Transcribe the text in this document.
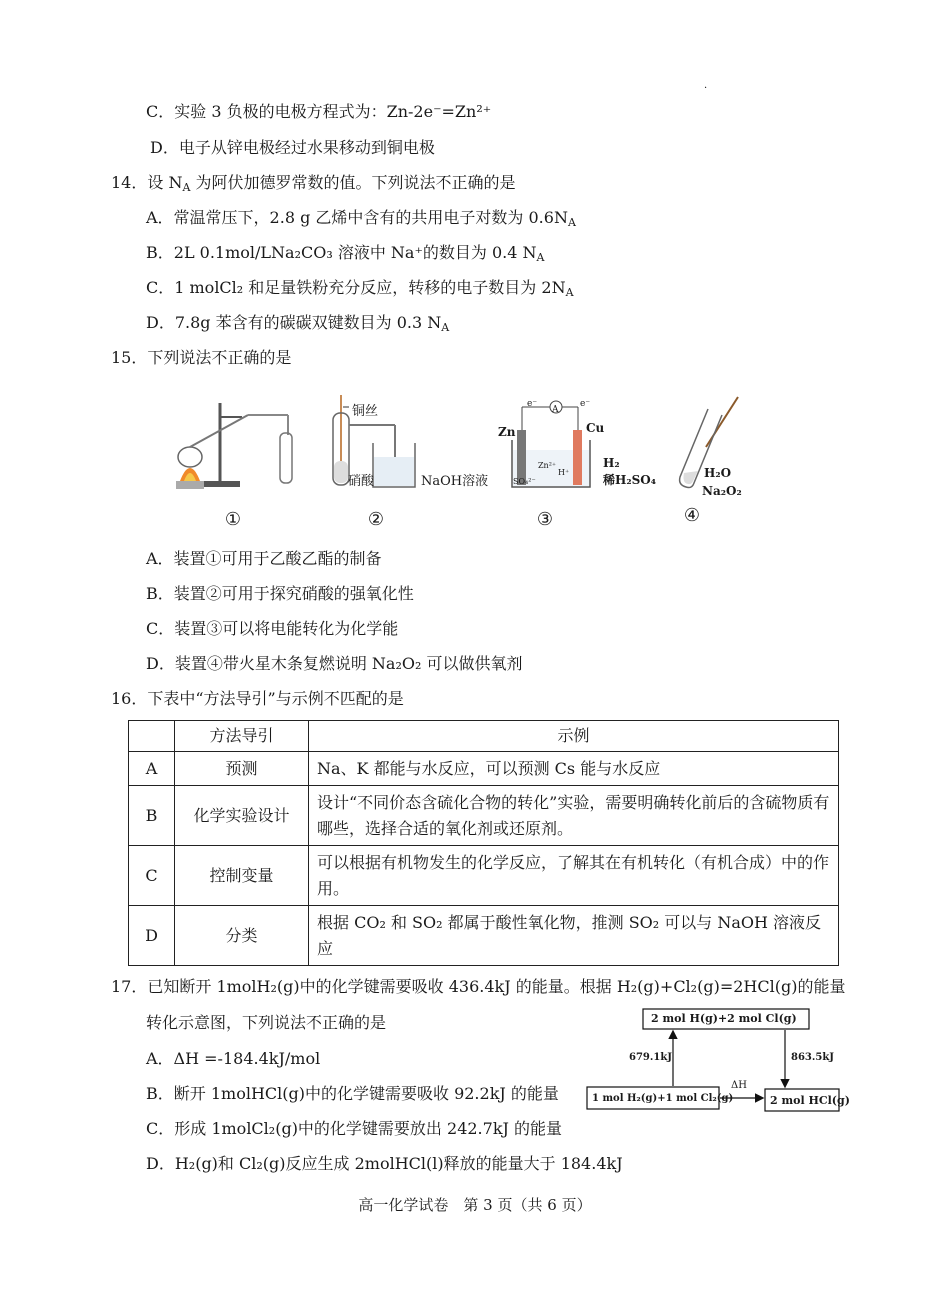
·
C．实验 3 负极的电极方程式为：Zn-2e⁻=Zn²⁺
D．电子从锌电极经过水果移动到铜电极
14．设 $N_A$ 为阿伏加德罗常数的值。下列说法不正确的是
A．常温常压下，2.8 g 乙烯中含有的共用电子对数为 $0.6N_A$
B．2L 0.1mol/LNa₂CO₃ 溶液中 Na⁺的数目为 0.4 $N_A$
C．1 molCl₂ 和足量铁粉充分反应，转移的电子数目为 $2N_A$
D．7.8g 苯含有的碳碳双键数目为 0.3 $N_A$
15．下列说法不正确的是
①
铜丝
硝酸	NaOH溶液
②
Zn	Cu
A
e⁻	e⁻
Zn²⁺
H⁺
SO₄²⁻
H₂
稀H₂SO₄
③
H₂O
Na₂O₂
④
A．装置①可用于乙酸乙酯的制备
B．装置②可用于探究硝酸的强氧化性
C．装置③可以将电能转化为化学能
D．装置④带火星木条复燃说明 Na₂O₂ 可以做供氧剂
16．下表中“方法导引”与示例不匹配的是
	方法导引	示例
A	预测	Na、K 都能与水反应，可以预测 Cs 能与水反应
B	化学实验设计	设计“不同价态含硫化合物的转化”实验，需要明确转化前后的含硫物质有哪些，选择合适的氧化剂或还原剂。
C	控制变量	可以根据有机物发生的化学反应，了解其在有机转化（有机合成）中的作用。
D	分类	根据 CO₂ 和 SO₂ 都属于酸性氧化物，推测 SO₂ 可以与 NaOH 溶液反应
17．已知断开 1molH₂(g)中的化学键需要吸收 436.4kJ 的能量。根据 H₂(g)+Cl₂(g)=2HCl(g)的能量
转化示意图，下列说法不正确的是
A．ΔH =-184.4kJ/mol
B．断开 1molHCl(g)中的化学键需要吸收 92.2kJ 的能量
C．形成 1molCl₂(g)中的化学键需要放出 242.7kJ 的能量
D．H₂(g)和 Cl₂(g)反应生成 2molHCl(l)释放的能量大于 184.4kJ
2 mol H(g)+2 mol Cl(g)
1 mol H₂(g)+1 mol Cl₂(g)	2 mol HCl(g)
679.1kJ	863.5kJ
ΔH
高一化学试卷　第 3 页（共 6 页）
